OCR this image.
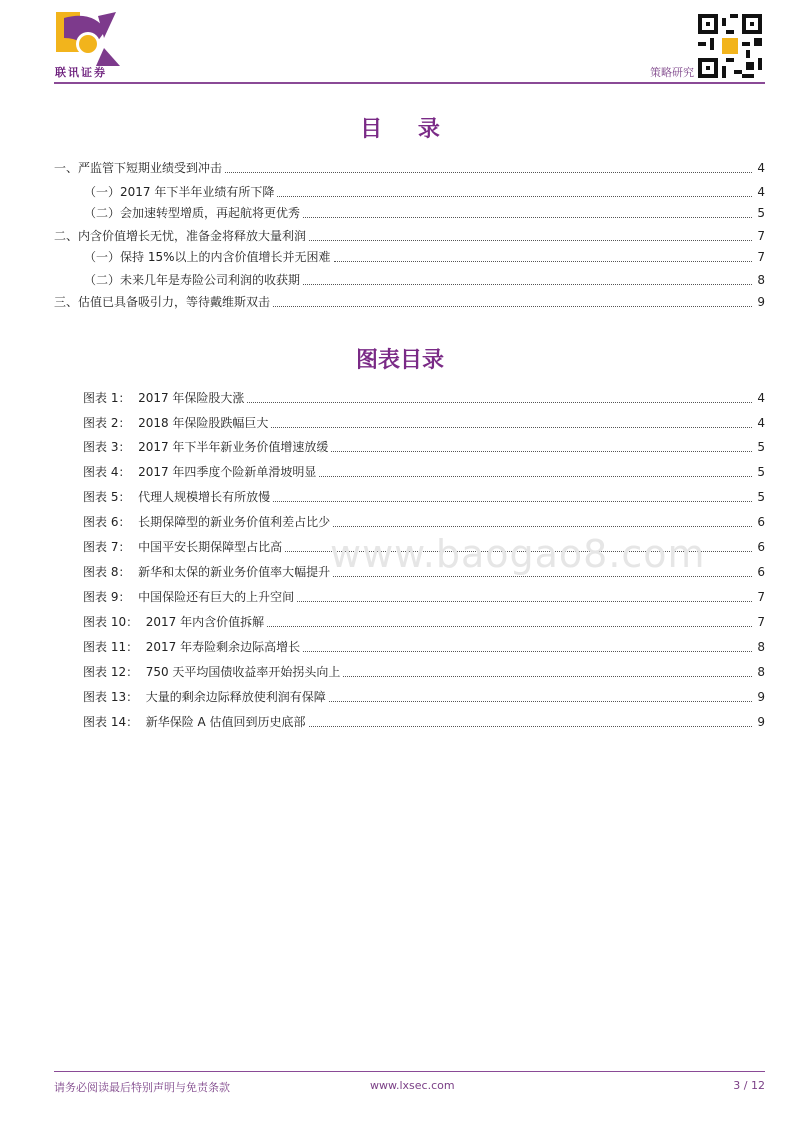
联讯证券	策略研究
目 录
一、严监管下短期业绩受到冲击	4
（一）2017 年下半年业绩有所下降	4
（二）会加速转型增质，再起航将更优秀	5
二、内含价值增长无忧，准备金将释放大量利润	7
（一）保持 15%以上的内含价值增长并无困难	7
（二）未来几年是寿险公司利润的收获期	8
三、估值已具备吸引力，等待戴维斯双击	9
图表目录
图表 1：  2017 年保险股大涨	4
图表 2：  2018 年保险股跌幅巨大	4
图表 3：  2017 年下半年新业务价值增速放缓	5
图表 4：  2017 年四季度个险新单滑坡明显	5
图表 5：  代理人规模增长有所放慢	5
图表 6：  长期保障型的新业务价值利差占比少	6
图表 7：  中国平安长期保障型占比高	6
图表 8：  新华和太保的新业务价值率大幅提升	6
图表 9：  中国保险还有巨大的上升空间	7
图表 10：  2017 年内含价值拆解	7
图表 11：  2017 年寿险剩余边际高增长	8
图表 12：  750 天平均国债收益率开始拐头向上	8
图表 13：  大量的剩余边际释放使利润有保障	9
图表 14：  新华保险 A 估值回到历史底部	9
www.baogao8.com
请务必阅读最后特别声明与免责条款	www.lxsec.com	3 / 12
